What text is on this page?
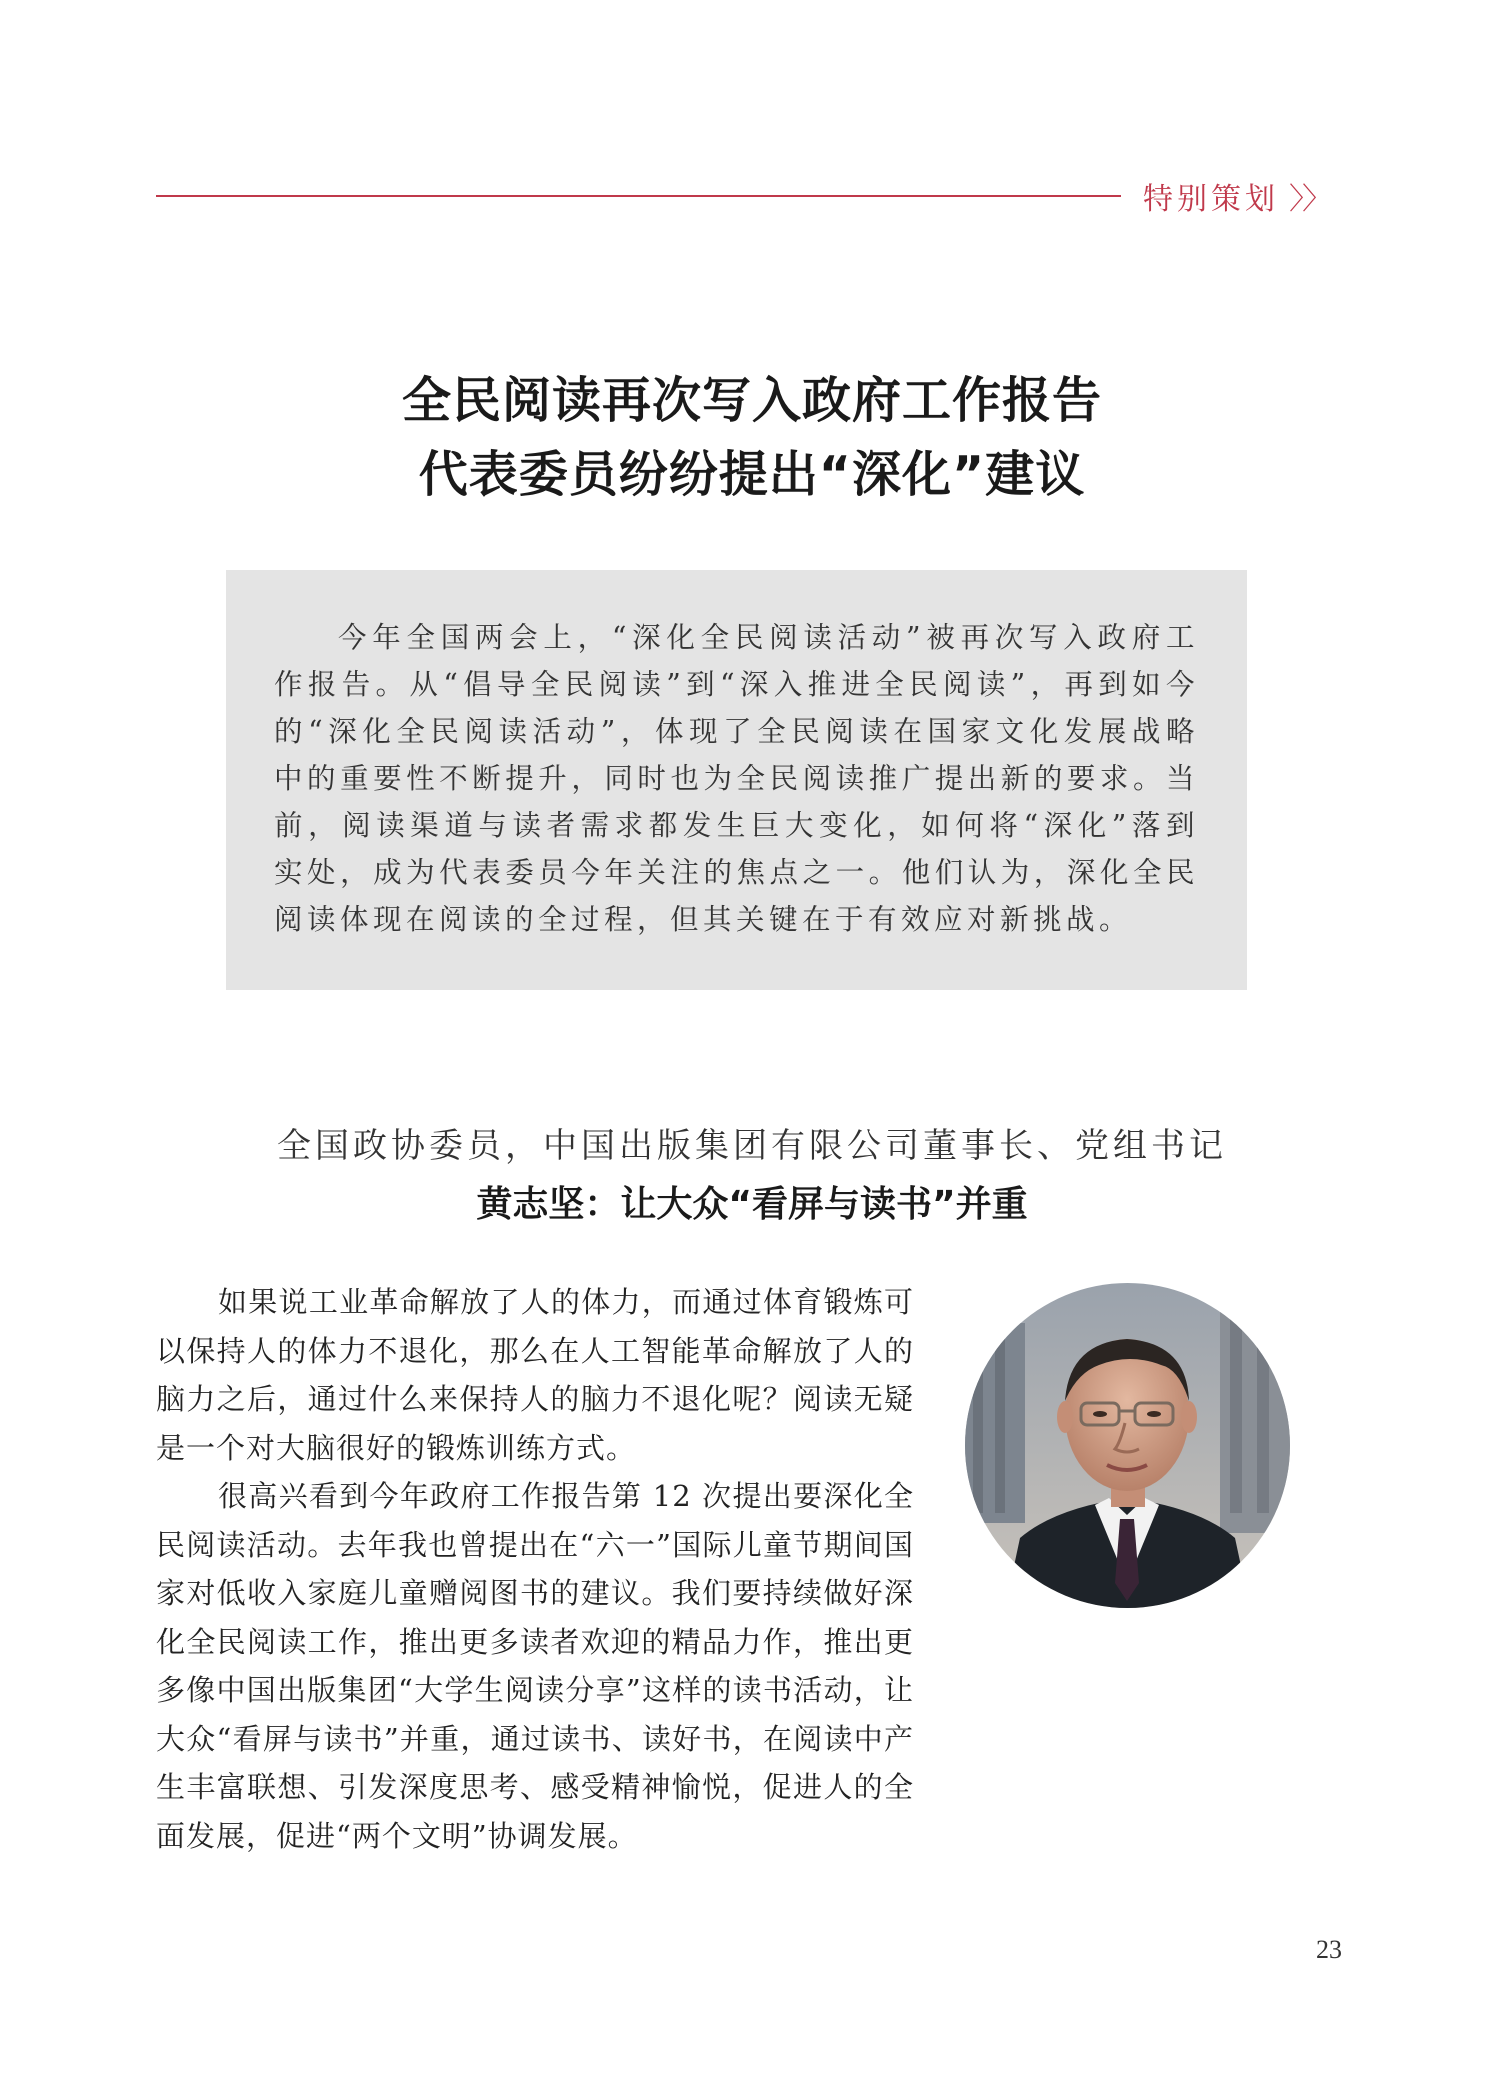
特别策划 〉〉
全民阅读再次写入政府工作报告
代表委员纷纷提出“深化”建议

今年全国两会上，“深化全民阅读活动”被再次写入政府工作报告。从“倡导全民阅读”到“深入推进全民阅读”，再到如今的“深化全民阅读活动”，体现了全民阅读在国家文化发展战略中的重要性不断提升，同时也为全民阅读推广提出新的要求。当前，阅读渠道与读者需求都发生巨大变化，如何将“深化”落到实处，成为代表委员今年关注的焦点之一。他们认为，深化全民阅读体现在阅读的全过程，但其关键在于有效应对新挑战。

全国政协委员，中国出版集团有限公司董事长、党组书记
黄志坚：让大众“看屏与读书”并重

如果说工业革命解放了人的体力，而通过体育锻炼可以保持人的体力不退化，那么在人工智能革命解放了人的脑力之后，通过什么来保持人的脑力不退化呢？阅读无疑是一个对大脑很好的锻炼训练方式。

很高兴看到今年政府工作报告第 12 次提出要深化全民阅读活动。去年我也曾提出在“六一”国际儿童节期间国家对低收入家庭儿童赠阅图书的建议。我们要持续做好深化全民阅读工作，推出更多读者欢迎的精品力作，推出更多像中国出版集团“大学生阅读分享”这样的读书活动，让大众“看屏与读书”并重，通过读书、读好书，在阅读中产生丰富联想、引发深度思考、感受精神愉悦，促进人的全面发展，促进“两个文明”协调发展。

23
